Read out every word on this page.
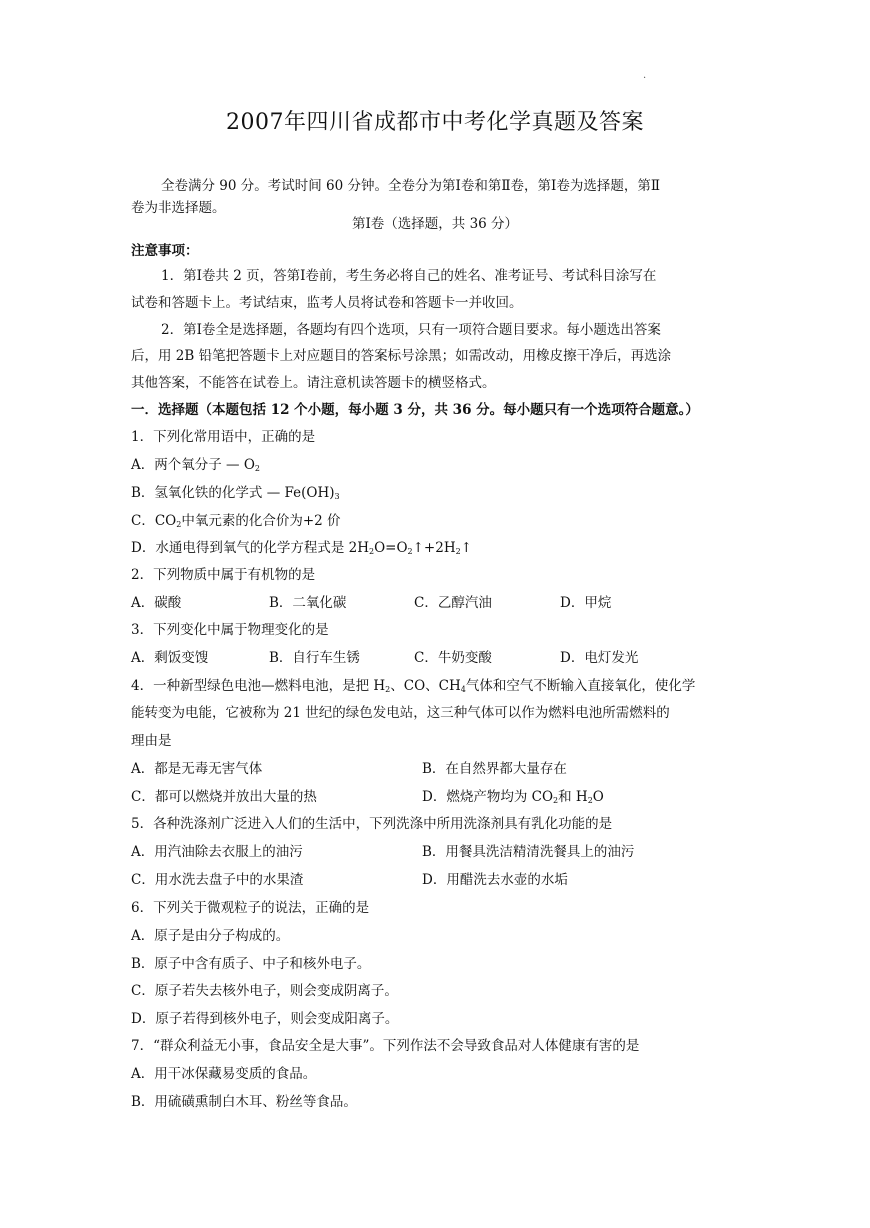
.
2007年四川省成都市中考化学真题及答案
全卷满分 90 分。考试时间 60 分钟。全卷分为第Ⅰ卷和第Ⅱ卷，第Ⅰ卷为选择题，第Ⅱ
卷为非选择题。
第Ⅰ卷（选择题，共 36 分）
注意事项：
1．第Ⅰ卷共 2 页，答第Ⅰ卷前，考生务必将自己的姓名、准考证号、考试科目涂写在
试卷和答题卡上。考试结束，监考人员将试卷和答题卡一并收回。
2．第Ⅰ卷全是选择题，各题均有四个选项，只有一项符合题目要求。每小题选出答案
后，用 2B 铅笔把答题卡上对应题目的答案标号涂黑；如需改动，用橡皮擦干净后，再选涂
其他答案，不能答在试卷上。请注意机读答题卡的横竖格式。
一．选择题（本题包括 12 个小题，每小题 3 分，共 36 分。每小题只有一个选项符合题意。）
1．下列化常用语中，正确的是
A．两个氧分子 — $O_2$
B．氢氧化铁的化学式 — $Fe(OH)_3$
C．$CO_2$中氧元素的化合价为+2 价
D．水通电得到氧气的化学方程式是 $2H_2O=O_2↑+2H_2↑$
2．下列物质中属于有机物的是
A．碳酸	B．二氧化碳	C．乙醇汽油	D．甲烷
3．下列变化中属于物理变化的是
A．剩饭变馊	B．自行车生锈	C．牛奶变酸	D．电灯发光
4．一种新型绿色电池—燃料电池，是把 $H_2$、CO、$CH_4$气体和空气不断输入直接氧化，使化学
能转变为电能，它被称为 21 世纪的绿色发电站，这三种气体可以作为燃料电池所需燃料的
理由是
A．都是无毒无害气体	B．在自然界都大量存在
C．都可以燃烧并放出大量的热	D．燃烧产物均为 $CO_2$和 $H_2O$
5．各种洗涤剂广泛进入人们的生活中，下列洗涤中所用洗涤剂具有乳化功能的是
A．用汽油除去衣服上的油污	B．用餐具洗洁精清洗餐具上的油污
C．用水洗去盘子中的水果渣	D．用醋洗去水壶的水垢
6．下列关于微观粒子的说法，正确的是
A．原子是由分子构成的。
B．原子中含有质子、中子和核外电子。
C．原子若失去核外电子，则会变成阴离子。
D．原子若得到核外电子，则会变成阳离子。
7．“群众利益无小事，食品安全是大事”。下列作法不会导致食品对人体健康有害的是
A．用干冰保藏易变质的食品。
B．用硫磺熏制白木耳、粉丝等食品。
